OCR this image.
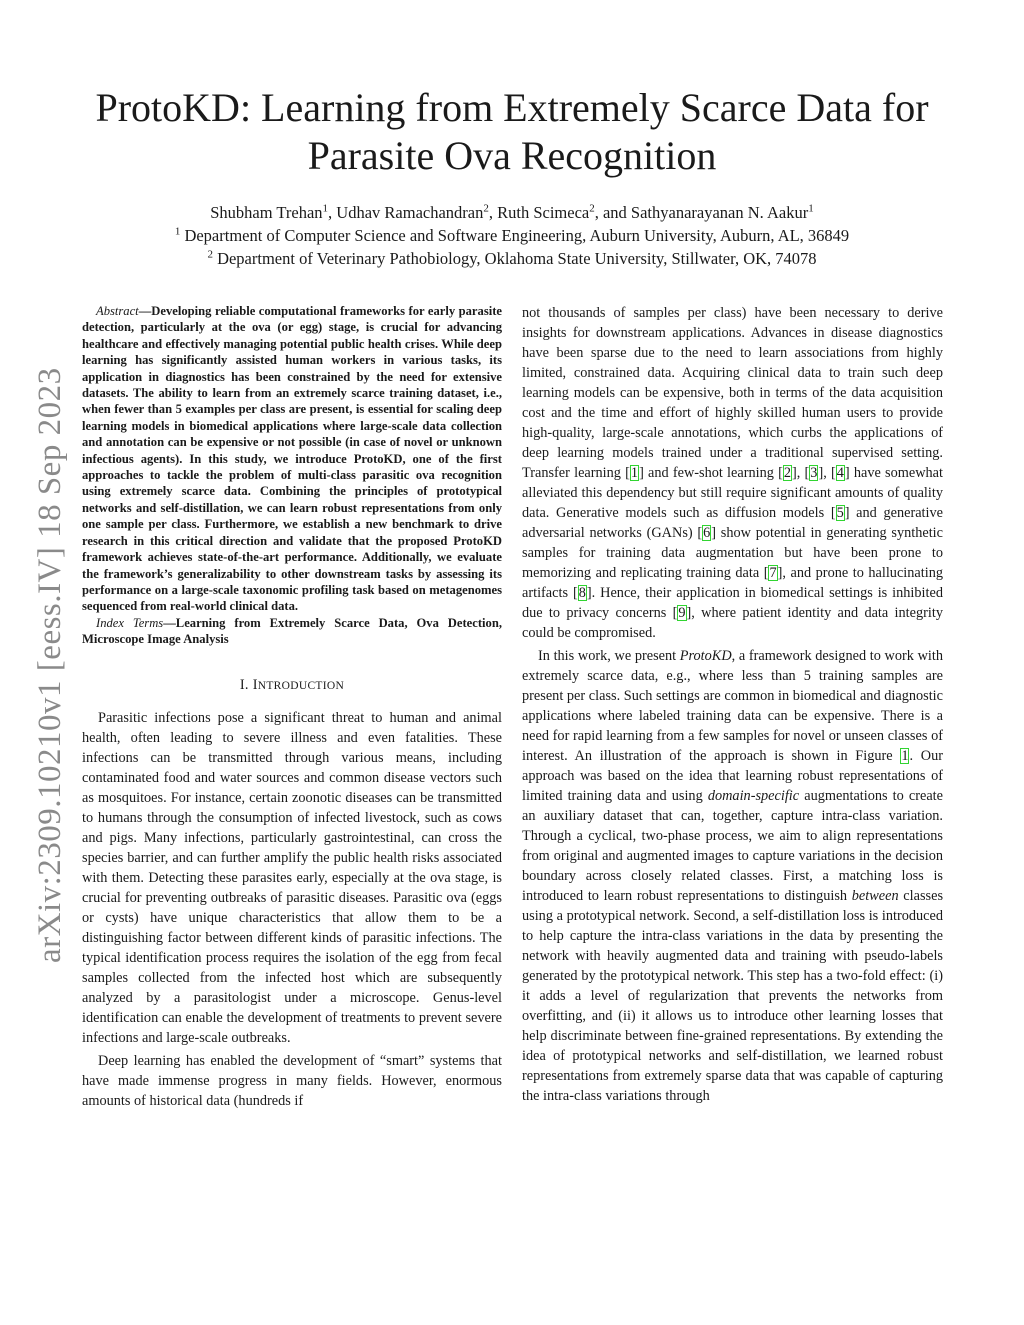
arXiv:2309.10210v1 [eess.IV] 18 Sep 2023
ProtoKD: Learning from Extremely Scarce Data for
Parasite Ova Recognition
Shubham Trehan$^1$, Udhav Ramachandran$^2$, Ruth Scimeca$^2$, and Sathyanarayanan N. Aakur$^1$
$^1$ Department of Computer Science and Software Engineering, Auburn University, Auburn, AL, 36849
$^2$ Department of Veterinary Pathobiology, Oklahoma State University, Stillwater, OK, 74078

Abstract—Developing reliable computational frameworks for early parasite detection, particularly at the ova (or egg) stage, is crucial for advancing healthcare and effectively managing potential public health crises. While deep learning has significantly assisted human workers in various tasks, its application in diagnostics has been constrained by the need for extensive datasets. The ability to learn from an extremely scarce training dataset, i.e., when fewer than 5 examples per class are present, is essential for scaling deep learning models in biomedical applications where large-scale data collection and annotation can be expensive or not possible (in case of novel or unknown infectious agents). In this study, we introduce ProtoKD, one of the first approaches to tackle the problem of multi-class parasitic ova recognition using extremely scarce data. Combining the principles of prototypical networks and self-distillation, we can learn robust representations from only one sample per class. Furthermore, we establish a new benchmark to drive research in this critical direction and validate that the proposed ProtoKD framework achieves state-of-the-art performance. Additionally, we evaluate the framework’s generalizability to other downstream tasks by assessing its performance on a large-scale taxonomic profiling task based on metagenomes sequenced from real-world clinical data.

Index Terms—Learning from Extremely Scarce Data, Ova Detection, Microscope Image Analysis

I. INTRODUCTION

Parasitic infections pose a significant threat to human and animal health, often leading to severe illness and even fatalities. These infections can be transmitted through various means, including contaminated food and water sources and common disease vectors such as mosquitoes. For instance, certain zoonotic diseases can be transmitted to humans through the consumption of infected livestock, such as cows and pigs. Many infections, particularly gastrointestinal, can cross the species barrier, and can further amplify the public health risks associated with them. Detecting these parasites early, especially at the ova stage, is crucial for preventing outbreaks of parasitic diseases. Parasitic ova (eggs or cysts) have unique characteristics that allow them to be a distinguishing factor between different kinds of parasitic infections. The typical identification process requires the isolation of the egg from fecal samples collected from the infected host which are subsequently analyzed by a parasitologist under a microscope. Genus-level identification can enable the development of treatments to prevent severe infections and large-scale outbreaks.

Deep learning has enabled the development of “smart” systems that have made immense progress in many fields. However, enormous amounts of historical data (hundreds if

not thousands of samples per class) have been necessary to derive insights for downstream applications. Advances in disease diagnostics have been sparse due to the need to learn associations from highly limited, constrained data. Acquiring clinical data to train such deep learning models can be expensive, both in terms of the data acquisition cost and the time and effort of highly skilled human users to provide high-quality, large-scale annotations, which curbs the applications of deep learning models trained under a traditional supervised setting. Transfer learning [1] and few-shot learning [2], [3], [4] have somewhat alleviated this dependency but still require significant amounts of quality data. Generative models such as diffusion models [5] and generative adversarial networks (GANs) [6] show potential in generating synthetic samples for training data augmentation but have been prone to memorizing and replicating training data [7], and prone to hallucinating artifacts [8]. Hence, their application in biomedical settings is inhibited due to privacy concerns [9], where patient identity and data integrity could be compromised.

In this work, we present ProtoKD, a framework designed to work with extremely scarce data, e.g., where less than 5 training samples are present per class. Such settings are common in biomedical and diagnostic applications where labeled training data can be expensive. There is a need for rapid learning from a few samples for novel or unseen classes of interest. An illustration of the approach is shown in Figure 1. Our approach was based on the idea that learning robust representations of limited training data and using domain-specific augmentations to create an auxiliary dataset that can, together, capture intra-class variation. Through a cyclical, two-phase process, we aim to align representations from original and augmented images to capture variations in the decision boundary across closely related classes. First, a matching loss is introduced to learn robust representations to distinguish between classes using a prototypical network. Second, a self-distillation loss is introduced to help capture the intra-class variations in the data by presenting the network with heavily augmented data and training with pseudo-labels generated by the prototypical network. This step has a two-fold effect: (i) it adds a level of regularization that prevents the networks from overfitting, and (ii) it allows us to introduce other learning losses that help discriminate between fine-grained representations. By extending the idea of prototypical networks and self-distillation, we learned robust representations from extremely sparse data that was capable of capturing the intra-class variations through
